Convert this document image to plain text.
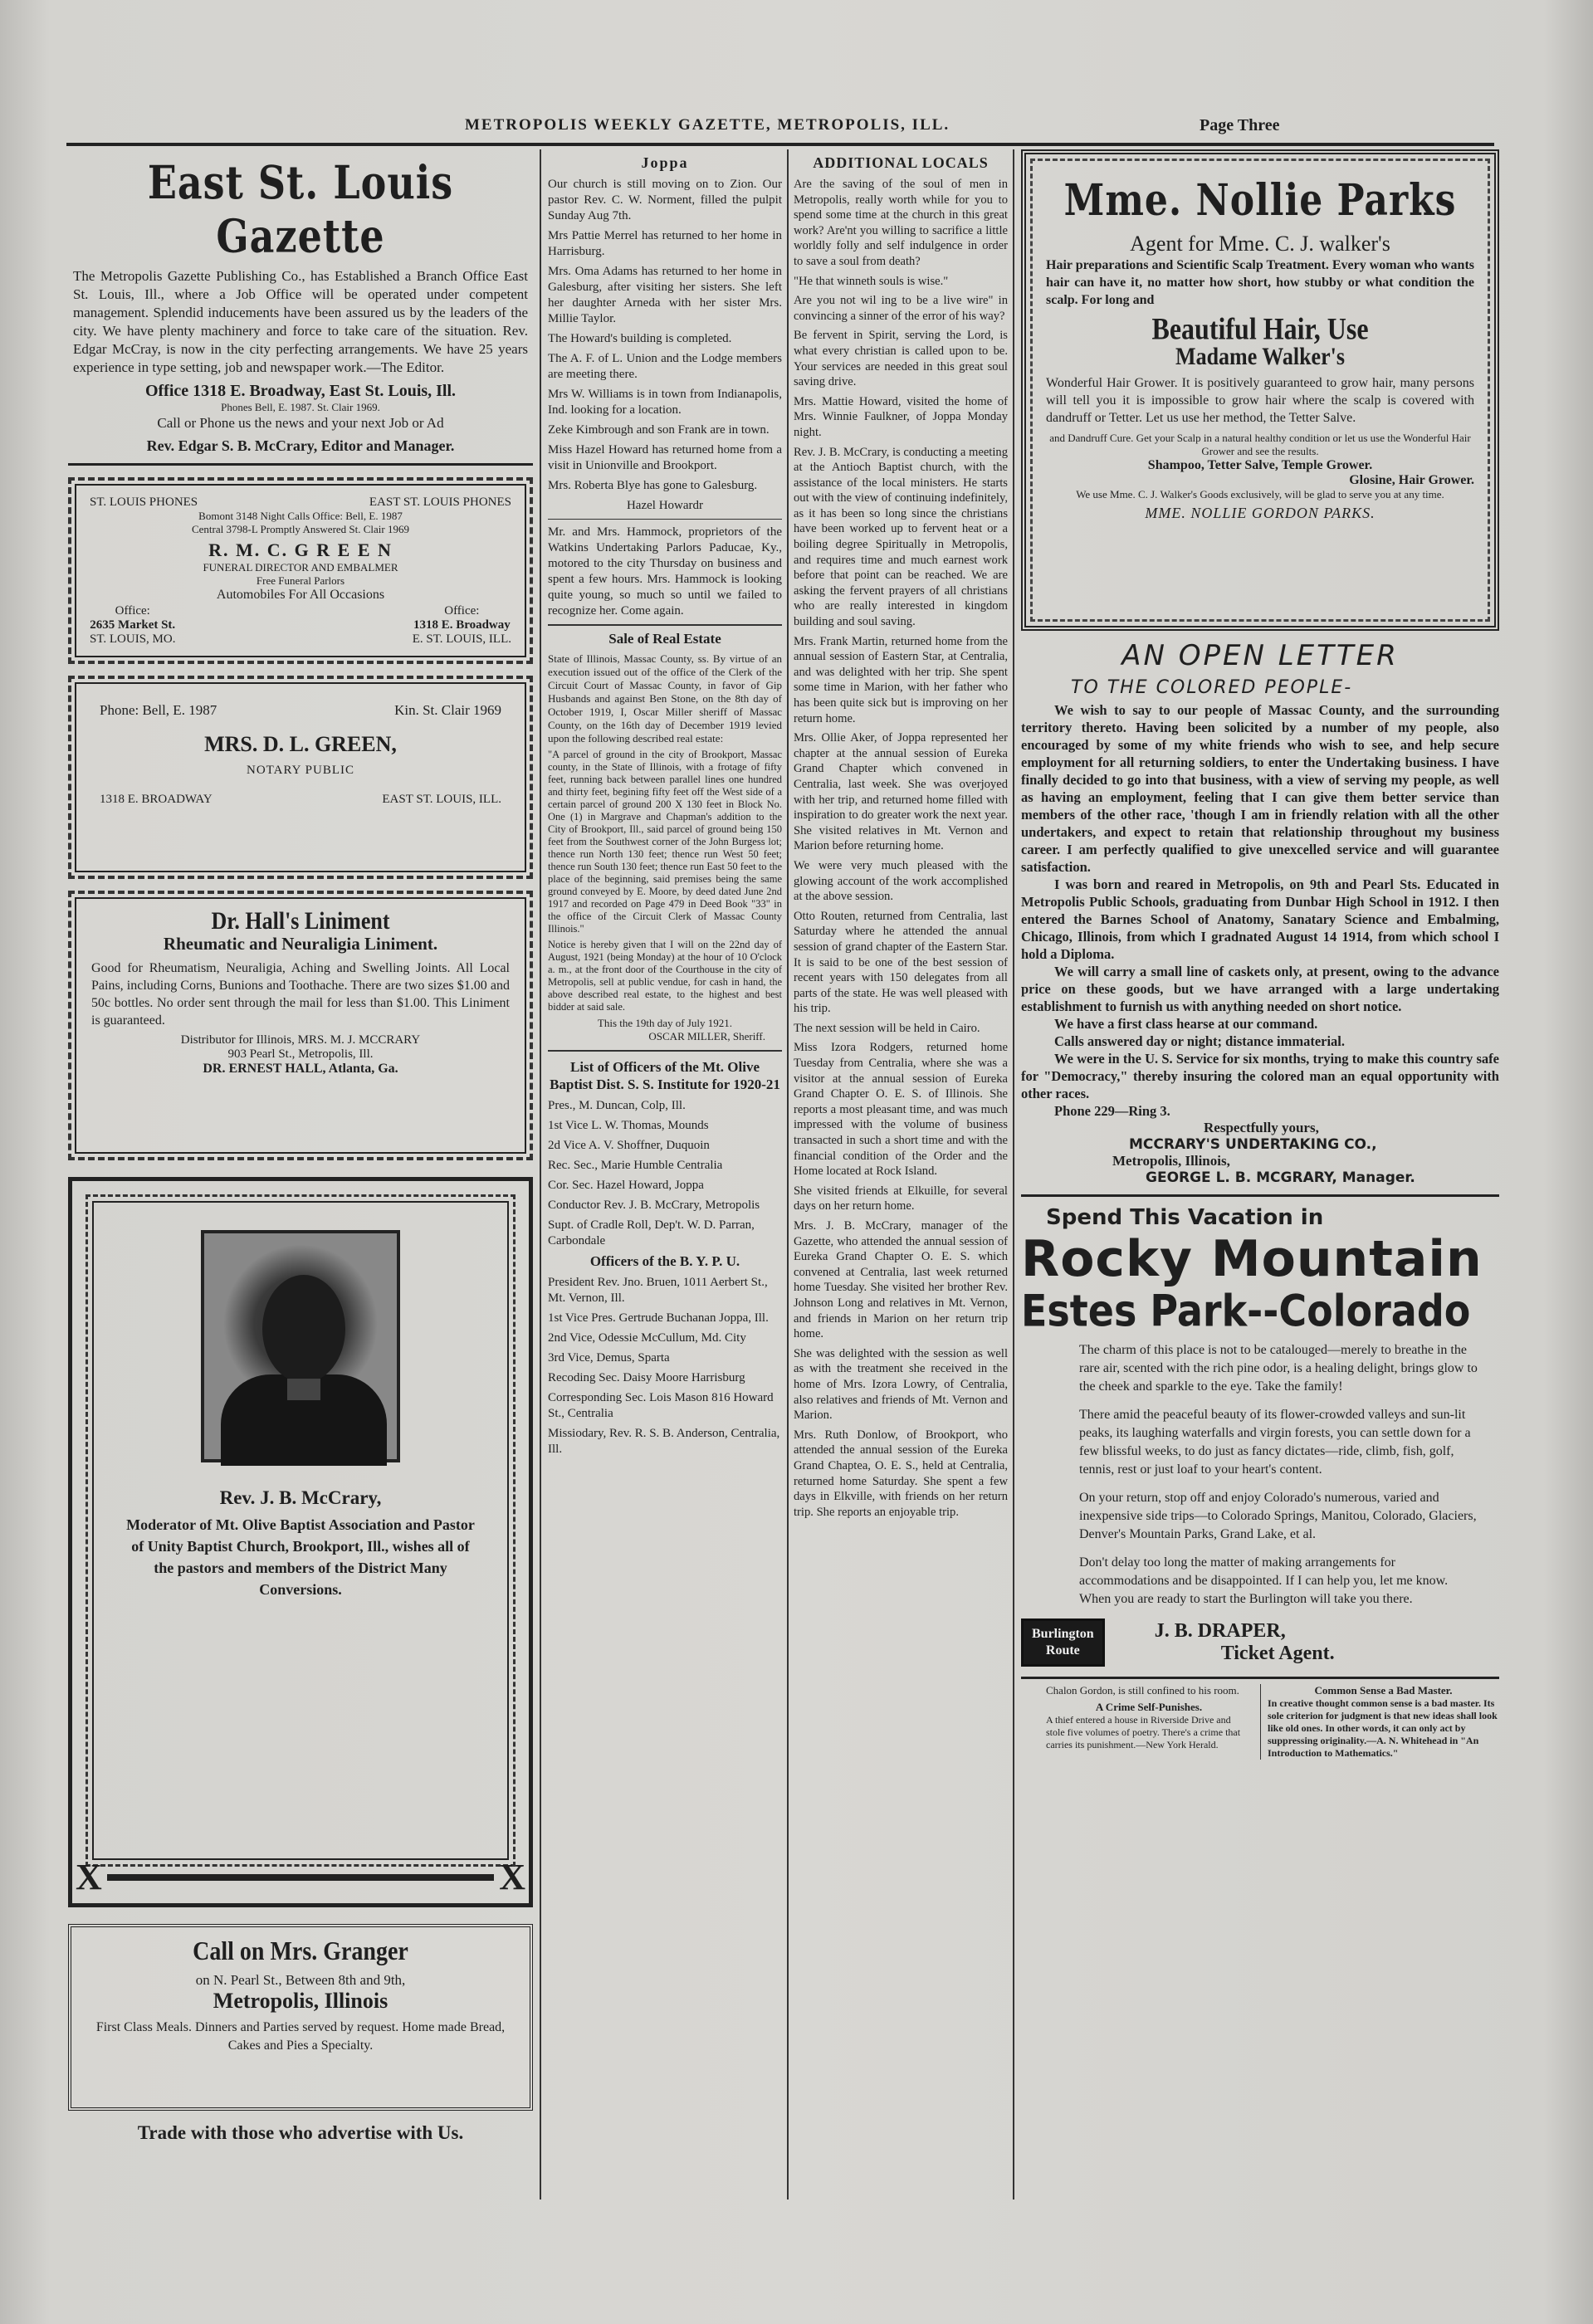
METROPOLIS WEEKLY GAZETTE, METROPOLIS, ILL.	Page Three
East St. Louis Gazette
The Metropolis Gazette Publishing Co., has Established a Branch Office East St. Louis, Ill., where a Job Office will be operated under competent management. Splendid inducements have been assured us by the leaders of the city. We have plenty machinery and force to take care of the situation. Rev. Edgar McCray, is now in the city perfecting arrangements. We have 25 years experience in type setting, job and newspaper work.—The Editor.
Office 1318 E. Broadway, East St. Louis, Ill.
Phones Bell, E. 1987. St. Clair 1969.
Call or Phone us the news and your next Job or Ad
Rev. Edgar S. B. McCrary, Editor and Manager.
ST. LOUIS PHONES	EAST ST. LOUIS PHONES
Bomont 3148 Night Calls Office: Bell, E. 1987
Central 3798-L Promptly Answered St. Clair 1969
R. M. C. G R E E N
FUNERAL DIRECTOR AND EMBALMER
Free Funeral Parlors
Automobiles For All Occasions
Office:
2635 Market St.
ST. LOUIS, MO.
Office:
1318 E. Broadway
E. ST. LOUIS, ILL.
Phone: Bell, E. 1987	Kin. St. Clair 1969
MRS. D. L. GREEN,
NOTARY PUBLIC
1318 E. BROADWAY	EAST ST. LOUIS, ILL.
Dr. Hall's Liniment
Rheumatic and Neuraligia Liniment.
Good for Rheumatism, Neuraligia, Aching and Swelling Joints. All Local Pains, including Corns, Bunions and Toothache. There are two sizes $1.00 and 50c bottles. No order sent through the mail for less than $1.00. This Liniment is guaranteed.
Distributor for Illinois, MRS. M. J. MCCRARY
903 Pearl St., Metropolis, Ill.
DR. ERNEST HALL, Atlanta, Ga.
Rev. J. B. McCrary,
Moderator of Mt. Olive Baptist Association and Pastor of Unity Baptist Church, Brookport, Ill., wishes all of the pastors and members of the District Many Conversions.
X	X
Call on Mrs. Granger
on N. Pearl St., Between 8th and 9th,
Metropolis, Illinois
First Class Meals. Dinners and Parties served by request. Home made Bread, Cakes and Pies a Specialty.
Trade with those who advertise with Us.
Joppa
Our church is still moving on to Zion. Our pastor Rev. C. W. Norment, filled the pulpit Sunday Aug 7th.
Mrs Pattie Merrel has returned to her home in Harrisburg.
Mrs. Oma Adams has returned to her home in Galesburg, after visiting her sisters. She left her daughter Arneda with her sister Mrs. Millie Taylor.
The Howard's building is completed.
The A. F. of L. Union and the Lodge members are meeting there.
Mrs W. Williams is in town from Indianapolis, Ind. looking for a location.
Zeke Kimbrough and son Frank are in town.
Miss Hazel Howard has returned home from a visit in Unionville and Brookport.
Mrs. Roberta Blye has gone to Galesburg.
Hazel Howardr
Mr. and Mrs. Hammock, proprietors of the Watkins Undertaking Parlors Paducae, Ky., motored to the city Thursday on business and spent a few hours. Mrs. Hammock is looking quite young, so much so until we failed to recognize her. Come again.
Sale of Real Estate
State of Illinois, Massac County, ss. By virtue of an execution issued out of the office of the Clerk of the Circuit Court of Massac County, in favor of Gip Husbands and against Ben Stone, on the 8th day of October 1919, I, Oscar Miller sheriff of Massac County, on the 16th day of December 1919 levied upon the following described real estate:
"A parcel of ground in the city of Brookport, Massac county, in the State of Illinois, with a frotage of fifty feet, running back between parallel lines one hundred and thirty feet, begining fifty feet off the West side of a certain parcel of ground 200 X 130 feet in Block No. One (1) in Margrave and Chapman's addition to the City of Brookport, Ill., said parcel of ground being 150 feet from the Southwest corner of the John Burgess lot; thence run North 130 feet; thence run West 50 feet; thence run South 130 feet; thence run East 50 feet to the place of the beginning, said premises being the same ground conveyed by E. Moore, by deed dated June 2nd 1917 and recorded on Page 479 in Deed Book "33" in the office of the Circuit Clerk of Massac County Illinois."
Notice is hereby given that I will on the 22nd day of August, 1921 (being Monday) at the hour of 10 O'clock a. m., at the front door of the Courthouse in the city of Metropolis, sell at public vendue, for cash in hand, the above described real estate, to the highest and best bidder at said sale.
This the 19th day of July 1921.
OSCAR MILLER, Sheriff.
List of Officers of the Mt. Olive Baptist Dist. S. S. Institute for 1920-21
Pres., M. Duncan, Colp, Ill.
1st Vice L. W. Thomas, Mounds
2d Vice A. V. Shoffner, Duquoin
Rec. Sec., Marie Humble Centralia
Cor. Sec. Hazel Howard, Joppa
Conductor Rev. J. B. McCrary, Metropolis
Supt. of Cradle Roll, Dep't. W. D. Parran, Carbondale
Officers of the B. Y. P. U.
President Rev. Jno. Bruen, 1011 Aerbert St., Mt. Vernon, Ill.
1st Vice Pres. Gertrude Buchanan Joppa, Ill.
2nd Vice, Odessie McCullum, Md. City
3rd Vice, Demus, Sparta
Recoding Sec. Daisy Moore Harrisburg
Corresponding Sec. Lois Mason 816 Howard St., Centralia
Missiodary, Rev. R. S. B. Anderson, Centralia, Ill.
ADDITIONAL LOCALS
Are the saving of the soul of men in Metropolis, really worth while for you to spend some time at the church in this great work? Are'nt you willing to sacrifice a little worldly folly and self indulgence in order to save a soul from death?
"He that winneth souls is wise."
Are you not wil ing to be a live wire" in convincing a sinner of the error of his way?
Be fervent in Spirit, serving the Lord, is what every christian is called upon to be. Your services are needed in this great soul saving drive.
Mrs. Mattie Howard, visited the home of Mrs. Winnie Faulkner, of Joppa Monday night.
Rev. J. B. McCrary, is conducting a meeting at the Antioch Baptist church, with the assistance of the local ministers. He starts out with the view of continuing indefinitely, as it has been so long since the christians have been worked up to fervent heat or a boiling degree Spiritually in Metropolis, and requires time and much earnest work before that point can be reached. We are asking the fervent prayers of all christians who are really interested in kingdom building and soul saving.
Mrs. Frank Martin, returned home from the annual session of Eastern Star, at Centralia, and was delighted with her trip. She spent some time in Marion, with her father who has been quite sick but is improving on her return home.
Mrs. Ollie Aker, of Joppa represented her chapter at the annual session of Eureka Grand Chapter which convened in Centralia, last week. She was overjoyed with her trip, and returned home filled with inspiration to do greater work the next year. She visited relatives in Mt. Vernon and Marion before returning home.
We were very much pleased with the glowing account of the work accomplished at the above session.
Otto Routen, returned from Centralia, last Saturday where he attended the annual session of grand chapter of the Eastern Star. It is said to be one of the best session of recent years with 150 delegates from all parts of the state. He was well pleased with his trip.
The next session will be held in Cairo.
Miss Izora Rodgers, returned home Tuesday from Centralia, where she was a visitor at the annual session of Eureka Grand Chapter O. E. S. of Illinois. She reports a most pleasant time, and was much impressed with the volume of business transacted in such a short time and with the financial condition of the Order and the Home located at Rock Island.
She visited friends at Elkuille, for several days on her return home.
Mrs. J. B. McCrary, manager of the Gazette, who attended the annual session of Eureka Grand Chapter O. E. S. which convened at Centralia, last week returned home Tuesday. She visited her brother Rev. Johnson Long and relatives in Mt. Vernon, and friends in Marion on her return trip home.
She was delighted with the session as well as with the treatment she received in the home of Mrs. Izora Lowry, of Centralia, also relatives and friends of Mt. Vernon and Marion.
Mrs. Ruth Donlow, of Brookport, who attended the annual session of the Eureka Grand Chaptea, O. E. S., held at Centralia, returned home Saturday. She spent a few days in Elkville, with friends on her return trip. She reports an enjoyable trip.
Mme. Nollie Parks
Agent for Mme. C. J. walker's
Hair preparations and Scientific Scalp Treatment. Every woman who wants hair can have it, no matter how short, how stubby or what condition the scalp. For long and
Beautiful Hair, Use
Madame Walker's
Wonderful Hair Grower. It is positively guaranteed to grow hair, many persons will tell you it is impossible to grow hair where the scalp is covered with dandruff or Tetter. Let us use her method, the Tetter Salve.
and Dandruff Cure. Get your Scalp in a natural healthy condition or let us use the Wonderful Hair Grower and see the results.
Shampoo, Tetter Salve, Temple Grower.
Glosine, Hair Grower.
We use Mme. C. J. Walker's Goods exclusively, will be glad to serve you at any time.
MME. NOLLIE GORDON PARKS.
AN OPEN LETTER
TO THE COLORED PEOPLE-
We wish to say to our people of Massac County, and the surrounding territory thereto. Having been solicited by a number of my people, also encouraged by some of my white friends who wish to see, and help secure employment for all returning soldiers, to enter the Undertaking business. I have finally decided to go into that business, with a view of serving my people, as well as having an employment, feeling that I can give them better service than members of the other race, 'though I am in friendly relation with all the other undertakers, and expect to retain that relationship throughout my business career. I am perfectly qualified to give unexcelled service and will guarantee satisfaction.
I was born and reared in Metropolis, on 9th and Pearl Sts. Educated in Metropolis Public Schools, graduating from Dunbar High School in 1912. I then entered the Barnes School of Anatomy, Sanatary Science and Embalming, Chicago, Illinois, from which I gradnated August 14 1914, from which school I hold a Diploma.
We will carry a small line of caskets only, at present, owing to the advance price on these goods, but we have arranged with a large undertaking establishment to furnish us with anything needed on short notice.
We have a first class hearse at our command.
Calls answered day or night; distance immaterial.
We were in the U. S. Service for six months, trying to make this country safe for "Democracy," thereby insuring the colored man an equal opportunity with other races.
Phone 229—Ring 3.
Respectfully yours,
MCCRARY'S UNDERTAKING CO.,
Metropolis, Illinois,
GEORGE L. B. MCGRARY, Manager.
Spend This Vacation in
Rocky Mountain
Estes Park--Colorado
The charm of this place is not to be catalouged—merely to breathe in the rare air, scented with the rich pine odor, is a healing delight, brings glow to the cheek and sparkle to the eye. Take the family!
There amid the peaceful beauty of its flower-crowded valleys and sun-lit peaks, its laughing waterfalls and virgin forests, you can settle down for a few blissful weeks, to do just as fancy dictates—ride, climb, fish, golf, tennis, rest or just loaf to your heart's content.
On your return, stop off and enjoy Colorado's numerous, varied and inexpensive side trips—to Colorado Springs, Manitou, Colorado, Glaciers, Denver's Mountain Parks, Grand Lake, et al.
Don't delay too long the matter of making arrangements for accommodations and be disappointed. If I can help you, let me know. When you are ready to start the Burlington will take you there.
Burlington
Route
J. B. DRAPER,
Ticket Agent.
Chalon Gordon, is still confined to his room.
A Crime Self-Punishes.
A thief entered a house in Riverside Drive and stole five volumes of poetry. There's a crime that carries its punishment.—New York Herald.
Common Sense a Bad Master.
In creative thought common sense is a bad master. Its sole criterion for judgment is that new ideas shall look like old ones. In other words, it can only act by suppressing originality.—A. N. Whitehead in "An Introduction to Mathematics."
